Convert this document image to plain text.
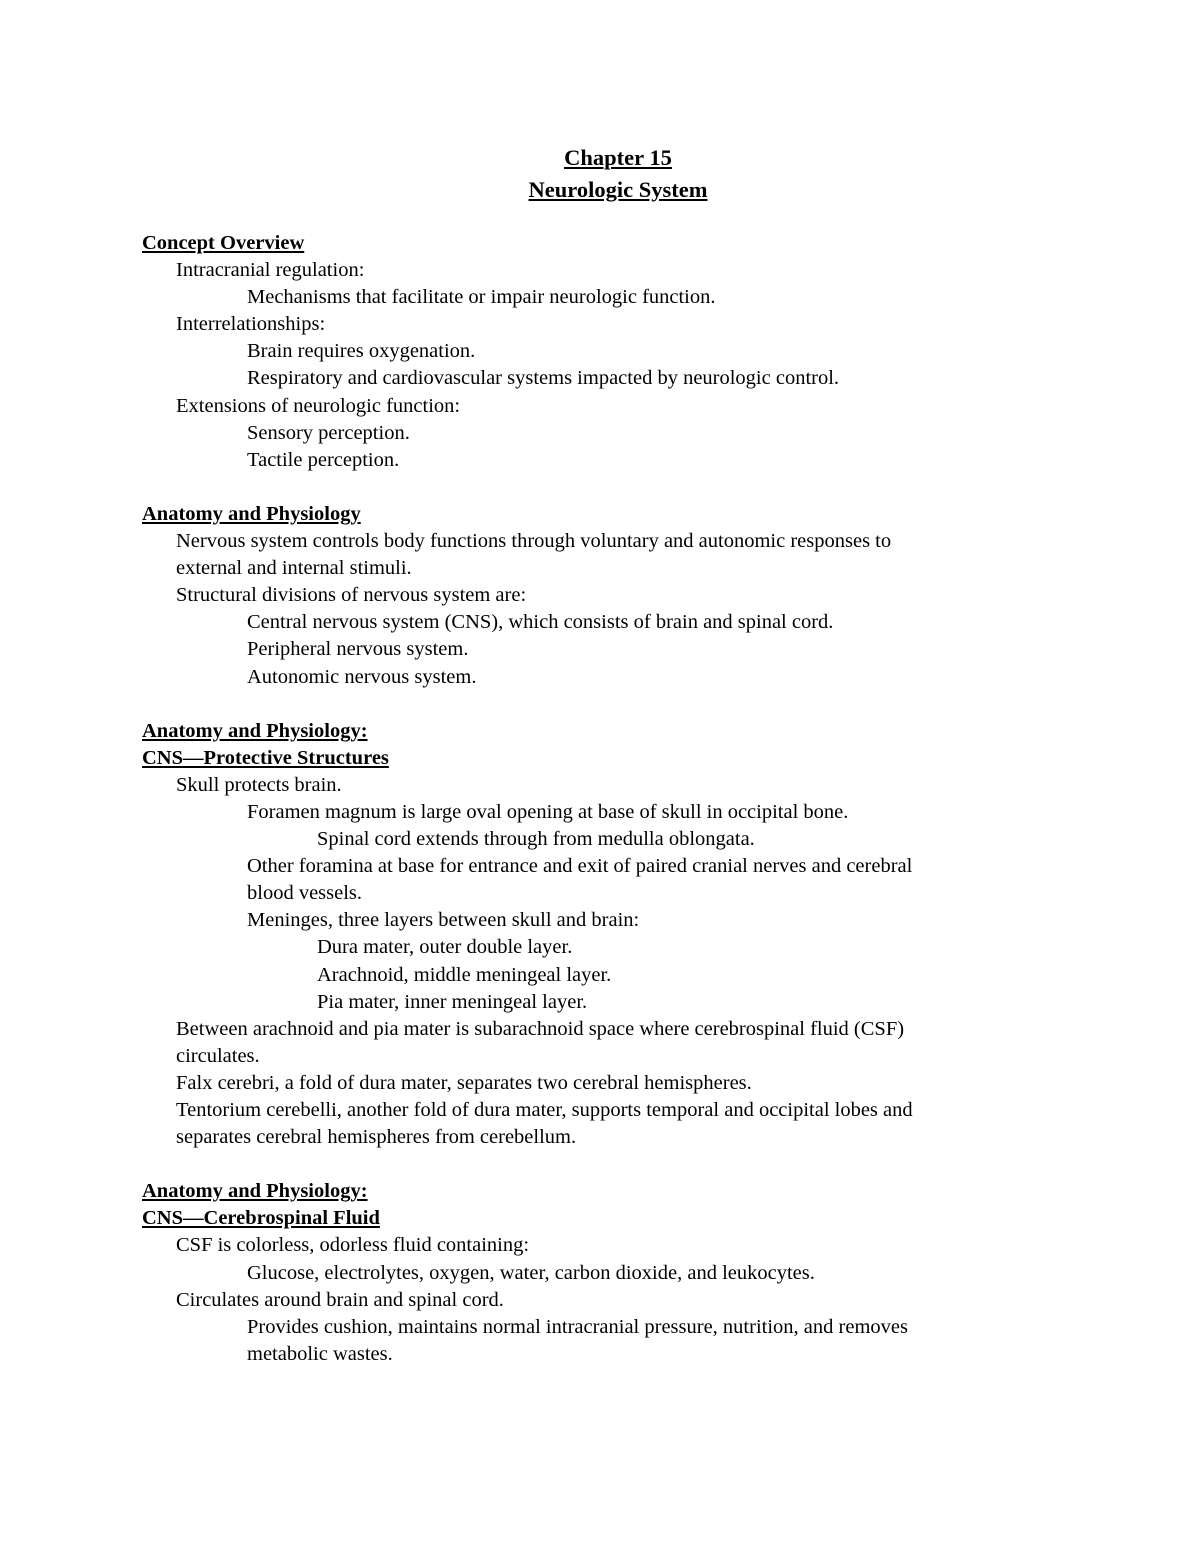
Chapter 15
Neurologic System
Concept Overview
Intracranial regulation:
Mechanisms that facilitate or impair neurologic function.
Interrelationships:
Brain requires oxygenation.
Respiratory and cardiovascular systems impacted by neurologic control.
Extensions of neurologic function:
Sensory perception.
Tactile perception.
Anatomy and Physiology
Nervous system controls body functions through voluntary and autonomic responses to
external and internal stimuli.
Structural divisions of nervous system are:
Central nervous system (CNS), which consists of brain and spinal cord.
Peripheral nervous system.
Autonomic nervous system.
Anatomy and Physiology:
CNS—Protective Structures
Skull protects brain.
Foramen magnum is large oval opening at base of skull in occipital bone.
Spinal cord extends through from medulla oblongata.
Other foramina at base for entrance and exit of paired cranial nerves and cerebral
blood vessels.
Meninges, three layers between skull and brain:
Dura mater, outer double layer.
Arachnoid, middle meningeal layer.
Pia mater, inner meningeal layer.
Between arachnoid and pia mater is subarachnoid space where cerebrospinal fluid (CSF)
circulates.
Falx cerebri, a fold of dura mater, separates two cerebral hemispheres.
Tentorium cerebelli, another fold of dura mater, supports temporal and occipital lobes and
separates cerebral hemispheres from cerebellum.
Anatomy and Physiology:
CNS—Cerebrospinal Fluid
CSF is colorless, odorless fluid containing:
Glucose, electrolytes, oxygen, water, carbon dioxide, and leukocytes.
Circulates around brain and spinal cord.
Provides cushion, maintains normal intracranial pressure, nutrition, and removes
metabolic wastes.
